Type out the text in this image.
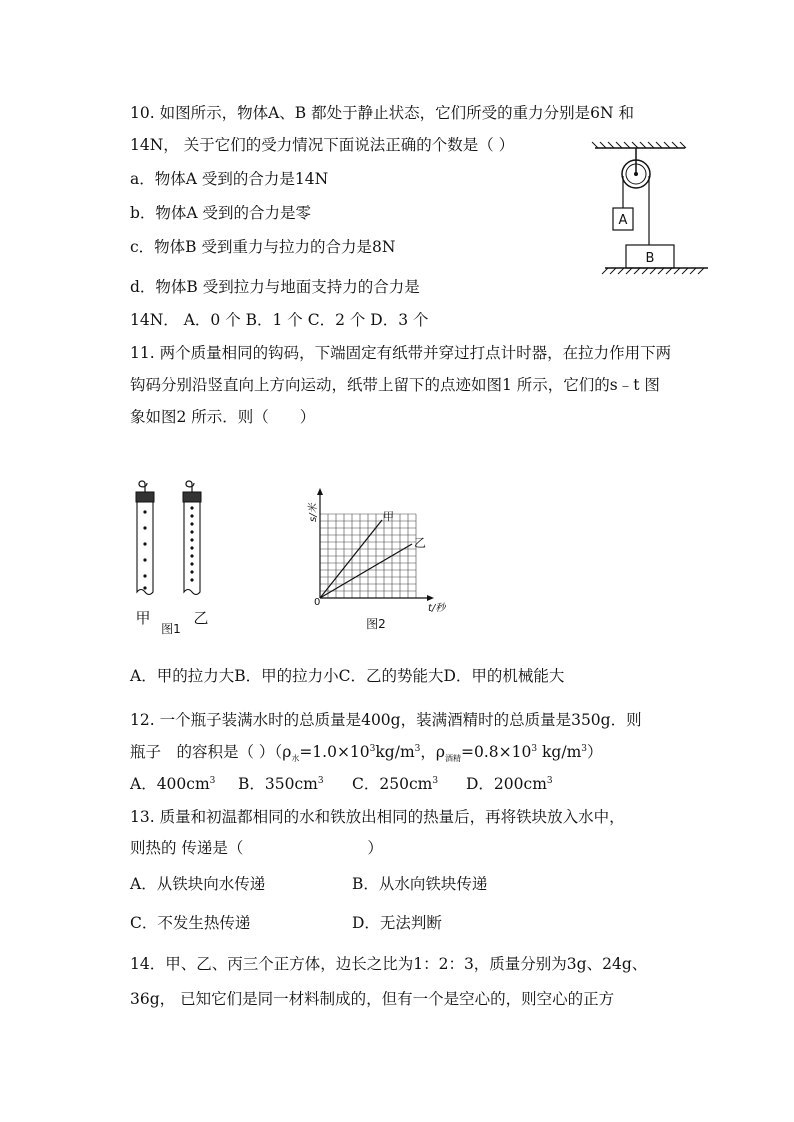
10. 如图所示，物体A、B 都处于静止状态，它们所受的重力分别是6N 和
14N， 关于它们的受力情况下面说法正确的个数是（ ）
a．物体A 受到的合力是14N
b．物体A 受到的合力是零
c．物体B 受到重力与拉力的合力是8N
d．物体B 受到拉力与地面支持力的合力是
14N． A．0 个 B．1 个 C．2 个 D．3 个
A
B
11. 两个质量相同的钩码，下端固定有纸带并穿过打点计时器，在拉力作用下两
钩码分别沿竖直向上方向运动，纸带上留下的点迹如图1 所示，它们的s﹣t 图
象如图2 所示．则（　　）
甲	乙
图1
甲
乙
0
s/米
t/秒
图2
A．甲的拉力大B．甲的拉力小C．乙的势能大D．甲的机械能大
12. 一个瓶子装满水时的总质量是400g，装满酒精时的总质量是350g．则
瓶子　的容积是（ ）（$\rho_水=1.0\times 10^3kg/m^3$，$\rho_{酒精}=0.8\times 10^3$ $kg/m^3$）
A．$400cm^3$ B．$350cm^3$ C．$250cm^3$ D．$200cm^3$
13. 质量和初温都相同的水和铁放出相同的热量后，再将铁块放入水中，
则热的 传递是（　　　　　　　　）
A．从铁块向水传递	B．从水向铁块传递
C．不发生热传递	D．无法判断
14．甲、乙、丙三个正方体，边长之比为1：2：3，质量分别为3g、24g、
36g， 已知它们是同一材料制成的，但有一个是空心的，则空心的正方
